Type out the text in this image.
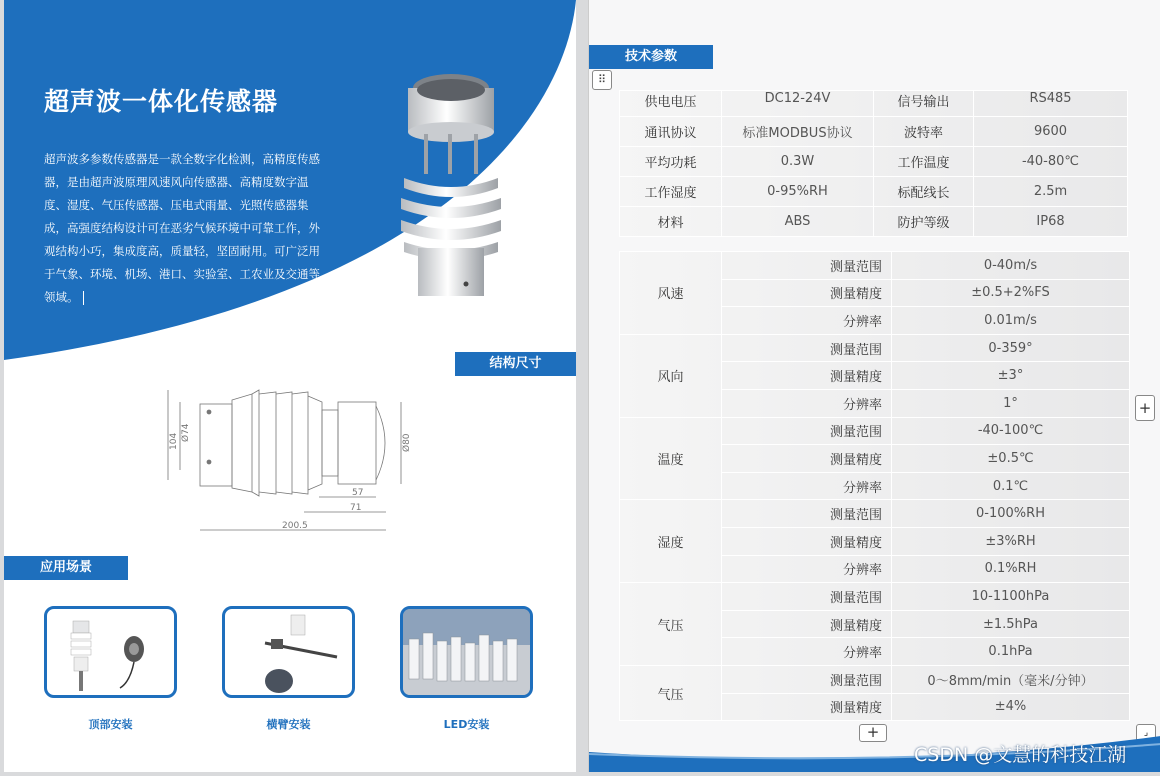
超声波一体化传感器
超声波多参数传感器是一款全数字化检测，高精度传感器，是由超声波原理风速风向传感器、高精度数字温度、湿度、气压传感器、压电式雨量、光照传感器集成，高强度结构设计可在恶劣气候环境中可靠工作，外观结构小巧，集成度高，质量轻，坚固耐用。可广泛用于气象、环境、机场、港口、实验室、工农业及交通等领域。
结构尺寸
104 Ø74
Ø80
57
71
200.5
应用场景
顶部安装	横臂安装	LED安装
技术参数
⠿
供电电压	DC12-24V	信号输出	RS485
通讯协议	标准MODBUS协议	波特率	9600
平均功耗	0.3W	工作温度	-40-80℃
工作湿度	0-95%RH	标配线长	2.5m
材料	ABS	防护等级	IP68
风速	测量范围	0-40m/s
	测量精度	±0.5+2%FS
	分辨率	0.01m/s
风向	测量范围	0-359°
	测量精度	±3°
	分辨率	1°
温度	测量范围	-40-100℃
	测量精度	±0.5℃
	分辨率	0.1℃
湿度	测量范围	0-100%RH
	测量精度	±3%RH
	分辨率	0.1%RH
气压	测量范围	10-1100hPa
	测量精度	±1.5hPa
	分辨率	0.1hPa
气压	测量范围	0～8mm/min（毫米/分钟）
	测量精度	±4%
+
+	⌟
CSDN @文慧的科技江湖
